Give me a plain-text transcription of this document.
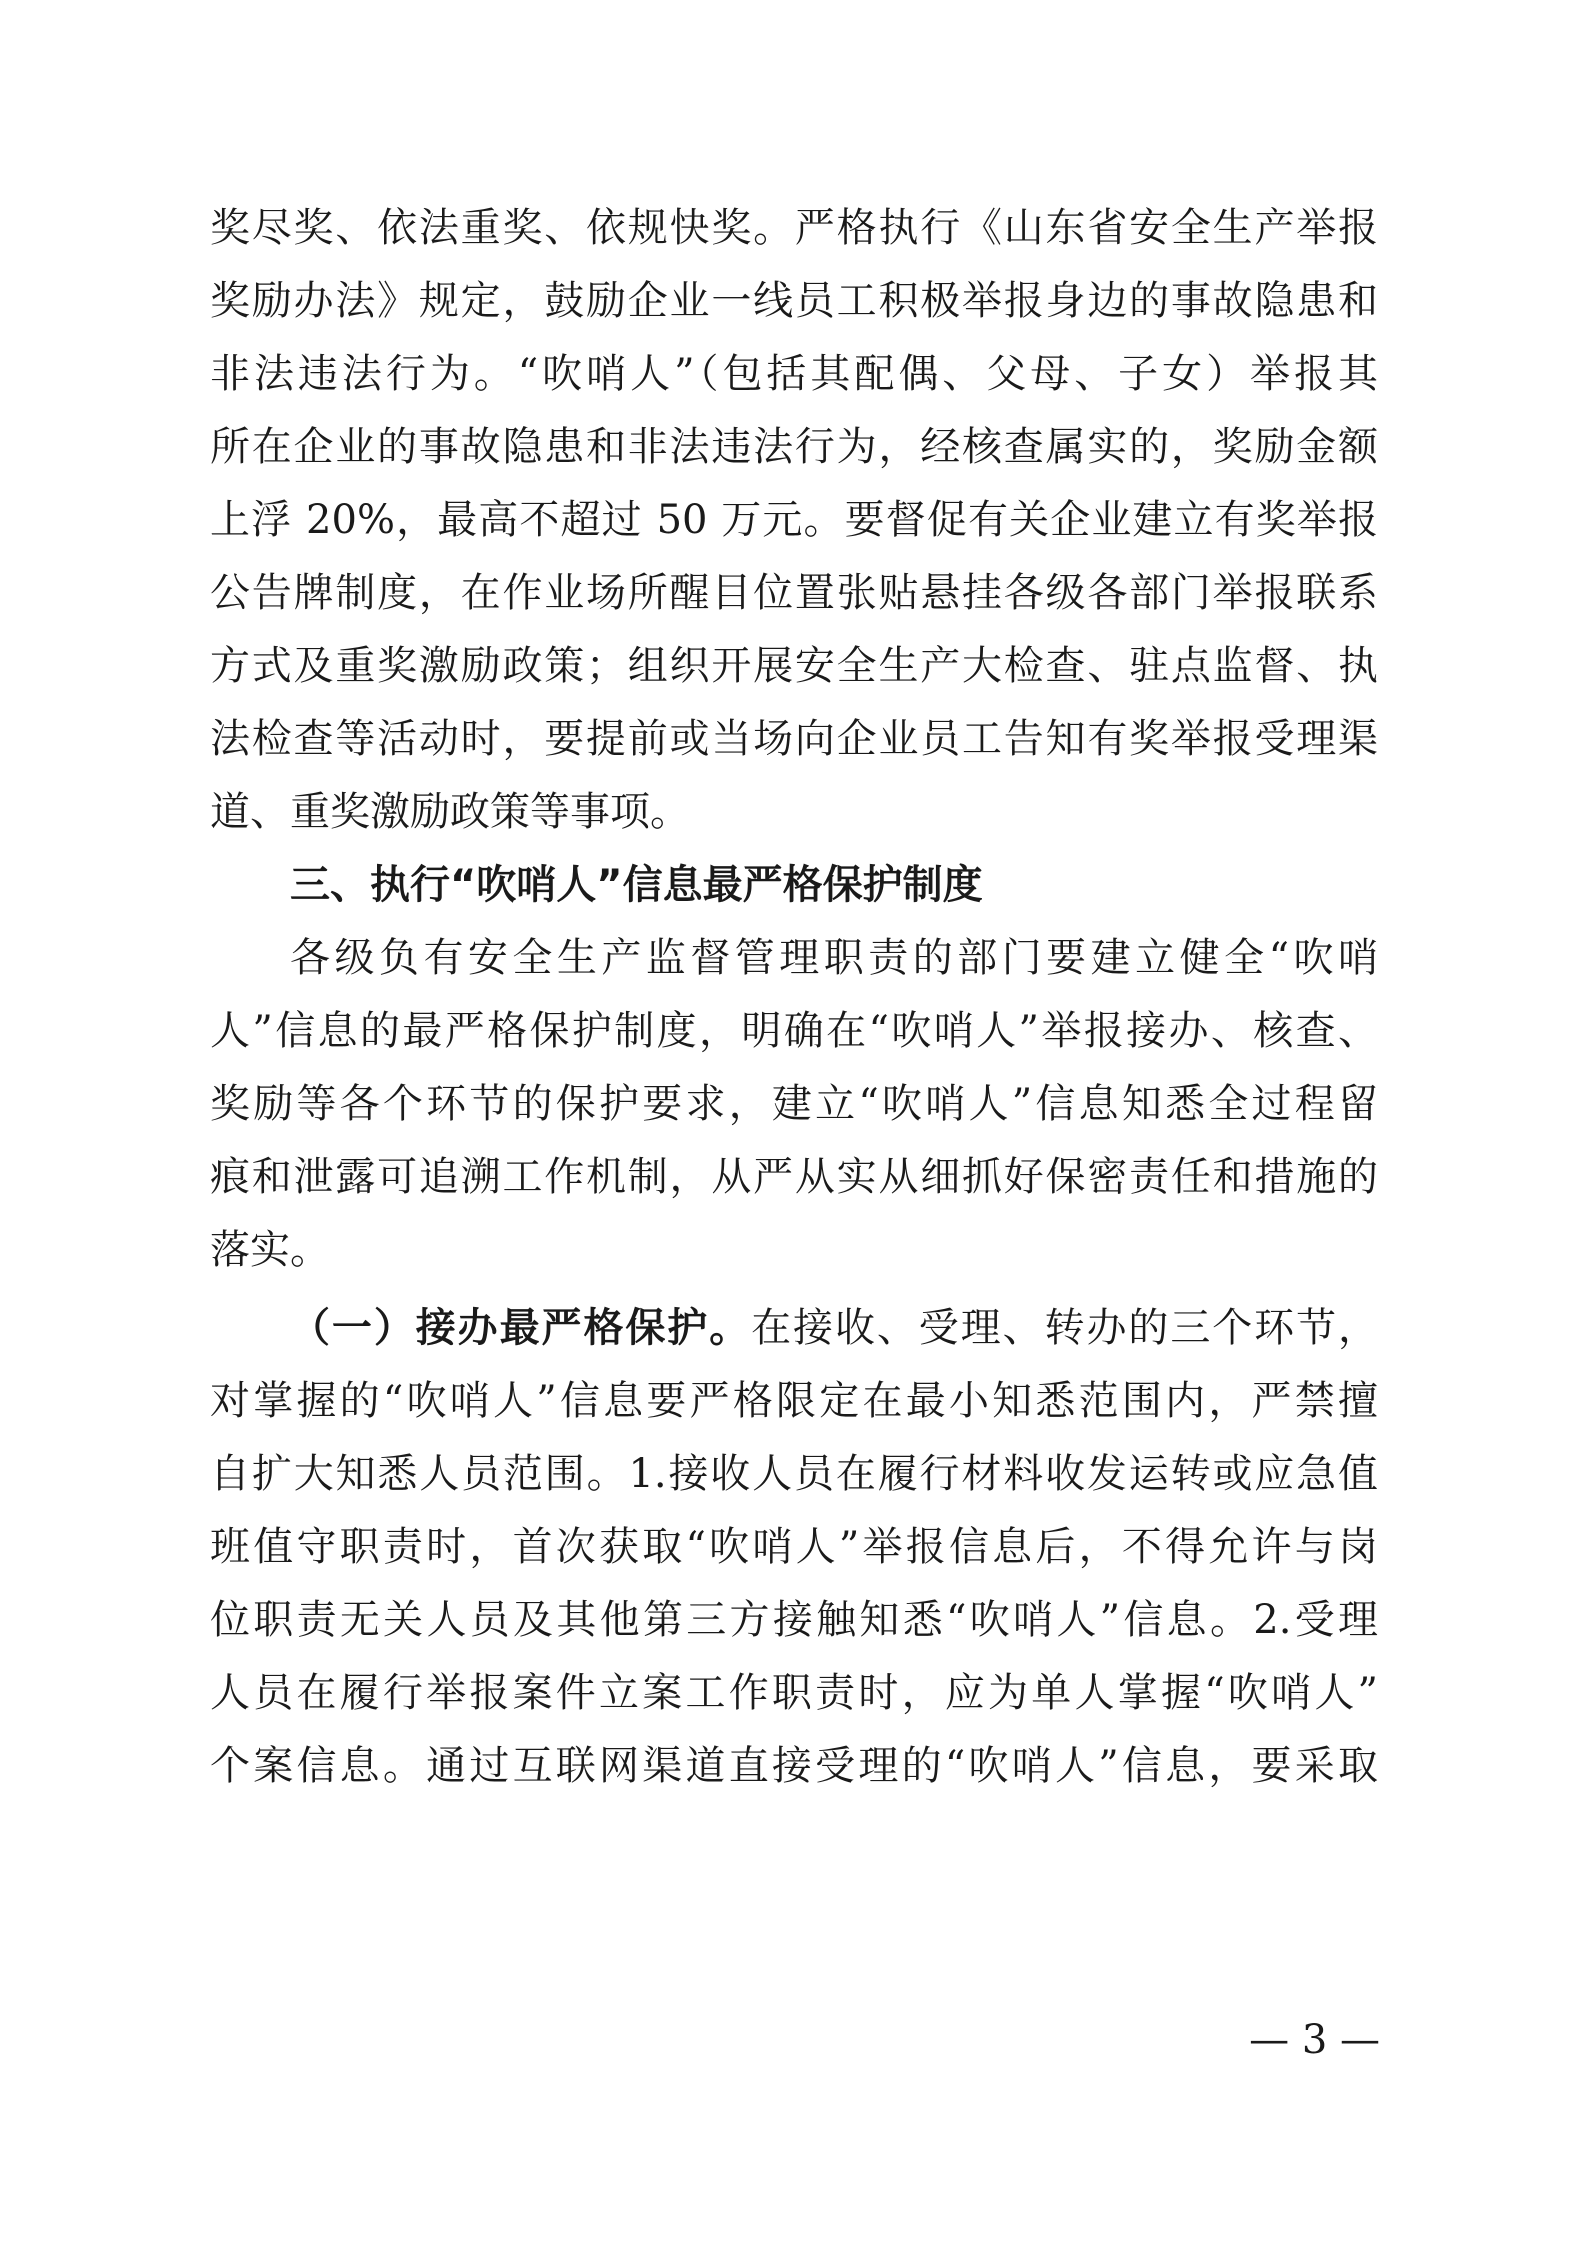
奖尽奖、依法重奖、依规快奖。严格执行《山东省安全生产举报
奖励办法》规定，鼓励企业一线员工积极举报身边的事故隐患和
非法违法行为。“吹哨人”（包括其配偶、父母、子女）举报其
所在企业的事故隐患和非法违法行为，经核查属实的，奖励金额
上浮 20%，最高不超过 50 万元。要督促有关企业建立有奖举报
公告牌制度，在作业场所醒目位置张贴悬挂各级各部门举报联系
方式及重奖激励政策；组织开展安全生产大检查、驻点监督、执
法检查等活动时，要提前或当场向企业员工告知有奖举报受理渠
道、重奖激励政策等事项。
三、执行“吹哨人”信息最严格保护制度
各级负有安全生产监督管理职责的部门要建立健全“吹哨
人”信息的最严格保护制度，明确在“吹哨人”举报接办、核查、
奖励等各个环节的保护要求，建立“吹哨人”信息知悉全过程留
痕和泄露可追溯工作机制，从严从实从细抓好保密责任和措施的
落实。
（一）接办最严格保护。在接收、受理、转办的三个环节，
对掌握的“吹哨人”信息要严格限定在最小知悉范围内，严禁擅
自扩大知悉人员范围。1.接收人员在履行材料收发运转或应急值
班值守职责时，首次获取“吹哨人”举报信息后，不得允许与岗
位职责无关人员及其他第三方接触知悉“吹哨人”信息。2.受理
人员在履行举报案件立案工作职责时，应为单人掌握“吹哨人”
个案信息。通过互联网渠道直接受理的“吹哨人”信息，要采取
— 3 —
